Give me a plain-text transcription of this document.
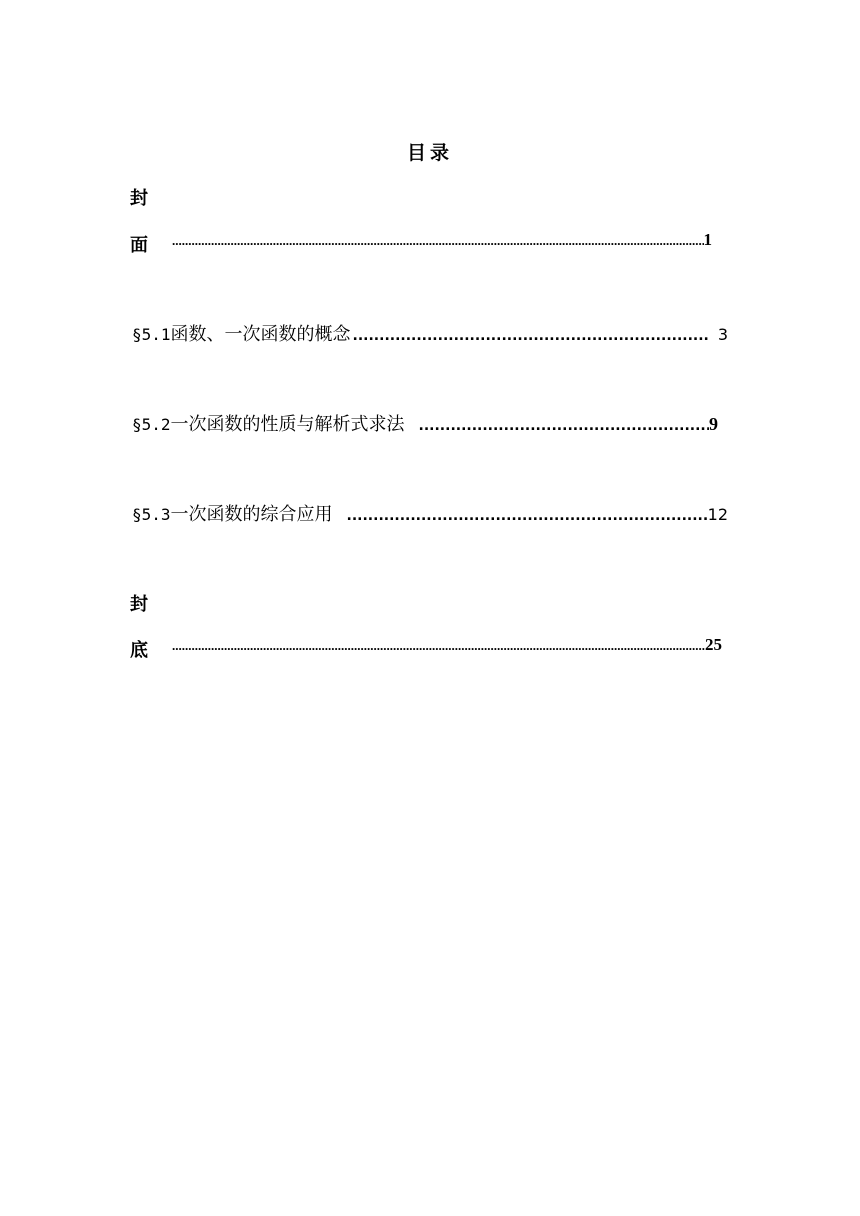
目录
封
面 .....	1
§5.1 函数、一次函数的概念 .....	3
§5.2 一次函数的性质与解析式求法 .....	9
§5.3 一次函数的综合应用 .....	12
封
底 .....	25
